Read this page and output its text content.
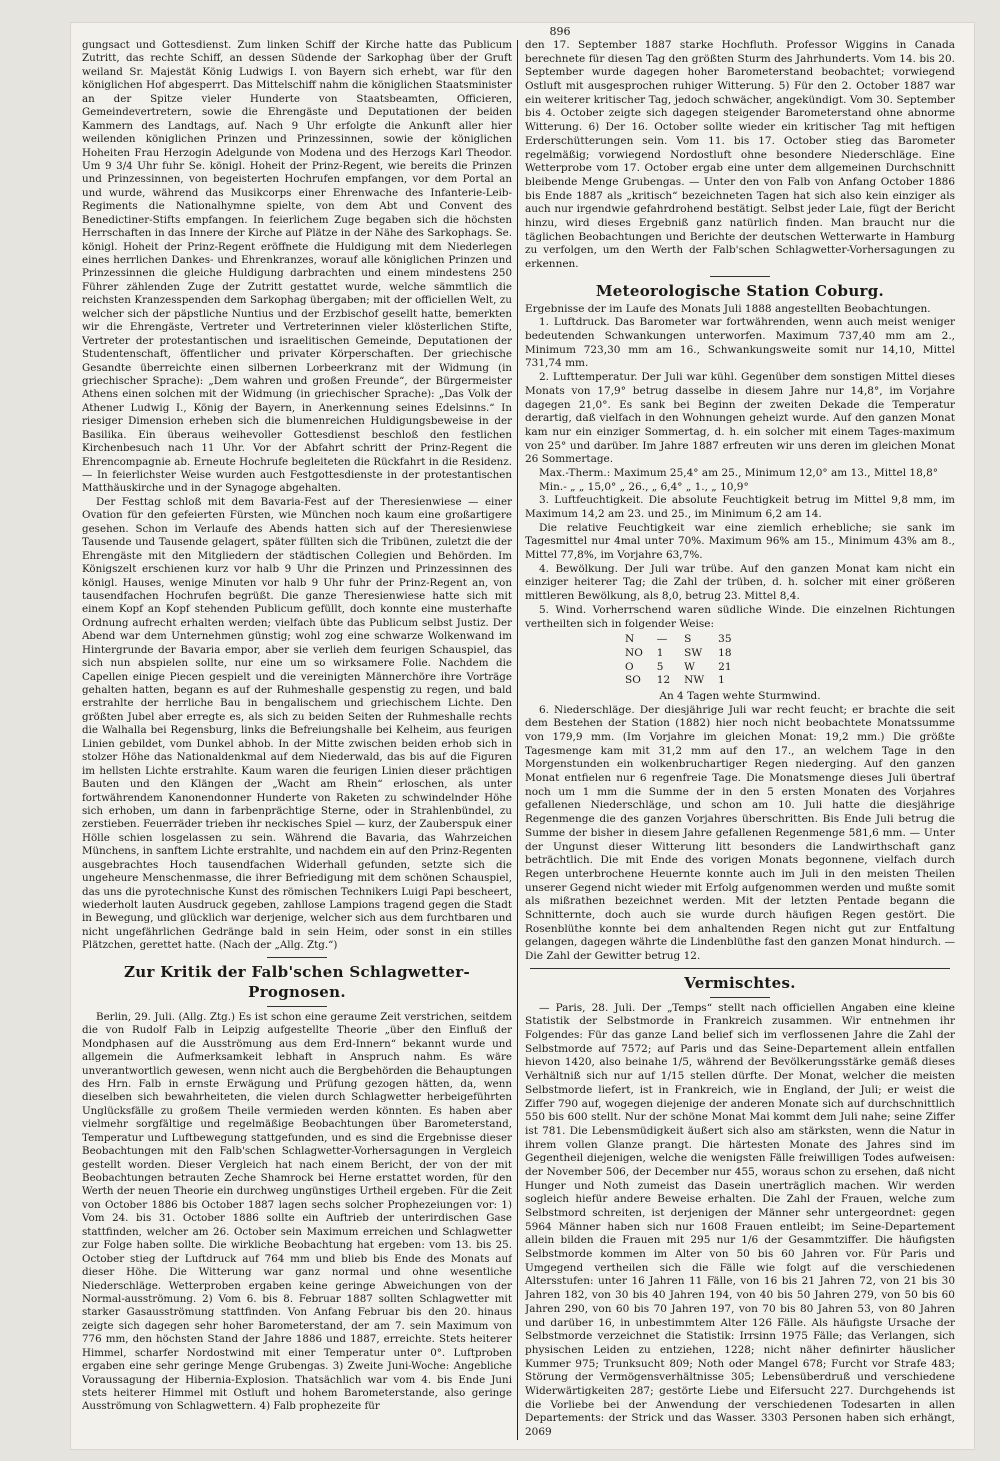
896

gungsact und Gottesdienst. Zum linken Schiff der Kirche hatte das Publicum Zutritt, das rechte Schiff, an dessen Südende der Sarkophag über der Gruft weiland Sr. Majestät König Ludwigs I. von Bayern sich erhebt, war für den königlichen Hof abgesperrt. Das Mittelschiff nahm die königlichen Staatsminister an der Spitze vieler Hunderte von Staatsbeamten, Officieren, Gemeindevertretern, sowie die Ehrengäste und Deputationen der beiden Kammern des Landtags, auf. Nach 9 Uhr erfolgte die Ankunft aller hier weilenden königlichen Prinzen und Prinzessinnen, sowie der königlichen Hoheiten Frau Herzogin Adelgunde von Modena und des Herzogs Karl Theodor. Um 9 3/4 Uhr fuhr Se. königl. Hoheit der Prinz-Regent, wie bereits die Prinzen und Prinzessinnen, von begeisterten Hochrufen empfangen, vor dem Portal an und wurde, während das Musikcorps einer Ehrenwache des Infanterie-Leib-Regiments die Nationalhymne spielte, von dem Abt und Convent des Benedictiner-Stifts empfangen. In feierlichem Zuge begaben sich die höchsten Herrschaften in das Innere der Kirche auf Plätze in der Nähe des Sarkophags. Se. königl. Hoheit der Prinz-Regent eröffnete die Huldigung mit dem Niederlegen eines herrlichen Dankes- und Ehrenkranzes, worauf alle königlichen Prinzen und Prinzessinnen die gleiche Huldigung darbrachten und einem mindestens 250 Führer zählenden Zuge der Zutritt gestattet wurde, welche sämmtlich die reichsten Kranzesspenden dem Sarkophag übergaben; mit der officiellen Welt, zu welcher sich der päpstliche Nuntius und der Erzbischof gesellt hatte, bemerkten wir die Ehrengäste, Vertreter und Vertreterinnen vieler klösterlichen Stifte, Vertreter der protestantischen und israelitischen Gemeinde, Deputationen der Studentenschaft, öffentlicher und privater Körperschaften. Der griechische Gesandte überreichte einen silbernen Lorbeerkranz mit der Widmung (in griechischer Sprache): „Dem wahren und großen Freunde“, der Bürgermeister Athens einen solchen mit der Widmung (in griechischer Sprache): „Das Volk der Athener Ludwig I., König der Bayern, in Anerkennung seines Edelsinns.“ In riesiger Dimension erheben sich die blumenreichen Huldigungsbeweise in der Basilika. Ein überaus weihevoller Gottesdienst beschloß den festlichen Kirchenbesuch nach 11 Uhr. Vor der Abfahrt schritt der Prinz-Regent die Ehrencompagnie ab. Erneute Hochrufe begleiteten die Rückfahrt in die Residenz. — In feierlichster Weise wurden auch Festgottesdienste in der protestantischen Matthäuskirche und in der Synagoge abgehalten.

Der Festtag schloß mit dem Bavaria-Fest auf der Theresienwiese — einer Ovation für den gefeierten Fürsten, wie München noch kaum eine großartigere gesehen. Schon im Verlaufe des Abends hatten sich auf der Theresienwiese Tausende und Tausende gelagert, später füllten sich die Tribünen, zuletzt die der Ehrengäste mit den Mitgliedern der städtischen Collegien und Behörden. Im Königszelt erschienen kurz vor halb 9 Uhr die Prinzen und Prinzessinnen des königl. Hauses, wenige Minuten vor halb 9 Uhr fuhr der Prinz-Regent an, von tausendfachen Hochrufen begrüßt. Die ganze Theresienwiese hatte sich mit einem Kopf an Kopf stehenden Publicum gefüllt, doch konnte eine musterhafte Ordnung aufrecht erhalten werden; vielfach übte das Publicum selbst Justiz. Der Abend war dem Unternehmen günstig; wohl zog eine schwarze Wolkenwand im Hintergrunde der Bavaria empor, aber sie verlieh dem feurigen Schauspiel, das sich nun abspielen sollte, nur eine um so wirksamere Folie. Nachdem die Capellen einige Piecen gespielt und die vereinigten Männerchöre ihre Vorträge gehalten hatten, begann es auf der Ruhmeshalle gespenstig zu regen, und bald erstrahlte der herrliche Bau in bengalischem und griechischem Lichte. Den größten Jubel aber erregte es, als sich zu beiden Seiten der Ruhmeshalle rechts die Walhalla bei Regensburg, links die Befreiungshalle bei Kelheim, aus feurigen Linien gebildet, vom Dunkel abhob. In der Mitte zwischen beiden erhob sich in stolzer Höhe das Nationaldenkmal auf dem Niederwald, das bis auf die Figuren im hellsten Lichte erstrahlte. Kaum waren die feurigen Linien dieser prächtigen Bauten und den Klängen der „Wacht am Rhein“ erloschen, als unter fortwährendem Kanonendonner Hunderte von Raketen zu schwindelnder Höhe sich erhoben, um dann in farbenprächtige Sterne, oder in Strahlenbündel, zu zerstieben. Feuerräder trieben ihr neckisches Spiel — kurz, der Zauberspuk einer Hölle schien losgelassen zu sein. Während die Bavaria, das Wahrzeichen Münchens, in sanftem Lichte erstrahlte, und nachdem ein auf den Prinz-Regenten ausgebrachtes Hoch tausendfachen Widerhall gefunden, setzte sich die ungeheure Menschenmasse, die ihrer Befriedigung mit dem schönen Schauspiel, das uns die pyrotechnische Kunst des römischen Technikers Luigi Papi bescheert, wiederholt lauten Ausdruck gegeben, zahllose Lampions tragend gegen die Stadt in Bewegung, und glücklich war derjenige, welcher sich aus dem furchtbaren und nicht ungefährlichen Gedränge bald in sein Heim, oder sonst in ein stilles Plätzchen, gerettet hatte. (Nach der „Allg. Ztg.“)

Zur Kritik der Falb'schen Schlagwetter-Prognosen.

Berlin, 29. Juli. (Allg. Ztg.) Es ist schon eine geraume Zeit verstrichen, seitdem die von Rudolf Falb in Leipzig aufgestellte Theorie „über den Einfluß der Mondphasen auf die Ausströmung aus dem Erd-Innern“ bekannt wurde und allgemein die Aufmerksamkeit lebhaft in Anspruch nahm. Es wäre unverantwortlich gewesen, wenn nicht auch die Bergbehörden die Behauptungen des Hrn. Falb in ernste Erwägung und Prüfung gezogen hätten, da, wenn dieselben sich bewahrheiteten, die vielen durch Schlagwetter herbeigeführten Unglücksfälle zu großem Theile vermieden werden könnten. Es haben aber vielmehr sorgfältige und regelmäßige Beobachtungen über Barometerstand, Temperatur und Luftbewegung stattgefunden, und es sind die Ergebnisse dieser Beobachtungen mit den Falb'schen Schlagwetter-Vorhersagungen in Vergleich gestellt worden. Dieser Vergleich hat nach einem Bericht, der von der mit Beobachtungen betrauten Zeche Shamrock bei Herne erstattet worden, für den Werth der neuen Theorie ein durchweg ungünstiges Urtheil ergeben. Für die Zeit von October 1886 bis October 1887 lagen sechs solcher Prophezeiungen vor: 1) Vom 24. bis 31. October 1886 sollte ein Auftrieb der unterirdischen Gase stattfinden, welcher am 26. October sein Maximum erreichen und Schlagwetter zur Folge haben sollte. Die wirkliche Beobachtung hat ergeben: vom 13. bis 25. October stieg der Luftdruck auf 764 mm und blieb bis Ende des Monats auf dieser Höhe. Die Witterung war ganz normal und ohne wesentliche Niederschläge. Wetterproben ergaben keine geringe Abweichungen von der Normal-ausströmung. 2) Vom 6. bis 8. Februar 1887 sollten Schlagwetter mit starker Gasausströmung stattfinden. Von Anfang Februar bis den 20. hinaus zeigte sich dagegen sehr hoher Barometerstand, der am 7. sein Maximum von 776 mm, den höchsten Stand der Jahre 1886 und 1887, erreichte. Stets heiterer Himmel, scharfer Nordostwind mit einer Temperatur unter 0°. Luftproben ergaben eine sehr geringe Menge Grubengas. 3) Zweite Juni-Woche: Angebliche Voraussagung der Hibernia-Explosion. Thatsächlich war vom 4. bis Ende Juni stets heiterer Himmel mit Ostluft und hohem Barometerstande, also geringe Ausströmung von Schlagwettern. 4) Falb prophezeite für

den 17. September 1887 starke Hochfluth. Professor Wiggins in Canada berechnete für diesen Tag den größten Sturm des Jahrhunderts. Vom 14. bis 20. September wurde dagegen hoher Barometerstand beobachtet; vorwiegend Ostluft mit ausgesprochen ruhiger Witterung. 5) Für den 2. October 1887 war ein weiterer kritischer Tag, jedoch schwächer, angekündigt. Vom 30. September bis 4. October zeigte sich dagegen steigender Barometerstand ohne abnorme Witterung. 6) Der 16. October sollte wieder ein kritischer Tag mit heftigen Erderschütterungen sein. Vom 11. bis 17. October stieg das Barometer regelmäßig; vorwiegend Nordostluft ohne besondere Niederschläge. Eine Wetterprobe vom 17. October ergab eine unter dem allgemeinen Durchschnitt bleibende Menge Grubengas. — Unter den von Falb von Anfang October 1886 bis Ende 1887 als „kritisch“ bezeichneten Tagen hat sich also kein einziger als auch nur irgendwie gefahrdrohend bestätigt. Selbst jeder Laie, fügt der Bericht hinzu, wird dieses Ergebniß ganz natürlich finden. Man braucht nur die täglichen Beobachtungen und Berichte der deutschen Wetterwarte in Hamburg zu verfolgen, um den Werth der Falb'schen Schlagwetter-Vorhersagungen zu erkennen.

Meteorologische Station Coburg.

Ergebnisse der im Laufe des Monats Juli 1888 angestellten Beobachtungen.

1. Luftdruck. Das Barometer war fortwährenden, wenn auch meist weniger bedeutenden Schwankungen unterworfen. Maximum 737,40 mm am 2., Minimum 723,30 mm am 16., Schwankungsweite somit nur 14,10, Mittel 731,74 mm.

2. Lufttemperatur. Der Juli war kühl. Gegenüber dem sonstigen Mittel dieses Monats von 17,9° betrug dasselbe in diesem Jahre nur 14,8°, im Vorjahre dagegen 21,0°. Es sank bei Beginn der zweiten Dekade die Temperatur derartig, daß vielfach in den Wohnungen geheizt wurde. Auf den ganzen Monat kam nur ein einziger Sommertag, d. h. ein solcher mit einem Tages-maximum von 25° und darüber. Im Jahre 1887 erfreuten wir uns deren im gleichen Monat 26 Sommertage.

Max.-Therm.: Maximum 25,4° am 25., Minimum 12,0° am 13., Mittel 18,8°

Min.- „ „ 15,0° „ 26., „ 6,4° „ 1., „ 10,9°

3. Luftfeuchtigkeit. Die absolute Feuchtigkeit betrug im Mittel 9,8 mm, im Maximum 14,2 am 23. und 25., im Minimum 6,2 am 14.

Die relative Feuchtigkeit war eine ziemlich erhebliche; sie sank im Tagesmittel nur 4mal unter 70%. Maximum 96% am 15., Minimum 43% am 8., Mittel 77,8%, im Vorjahre 63,7%.

4. Bewölkung. Der Juli war trübe. Auf den ganzen Monat kam nicht ein einziger heiterer Tag; die Zahl der trüben, d. h. solcher mit einer größeren mittleren Bewölkung, als 8,0, betrug 23. Mittel 8,4.

5. Wind. Vorherrschend waren südliche Winde. Die einzelnen Richtungen vertheilten sich in folgender Weise:

N	—	S	35
NO	1	SW	18
O	5	W	21
SO	12	NW	1
An 4 Tagen wehte Sturmwind.

6. Niederschläge. Der diesjährige Juli war recht feucht; er brachte die seit dem Bestehen der Station (1882) hier noch nicht beobachtete Monatssumme von 179,9 mm. (Im Vorjahre im gleichen Monat: 19,2 mm.) Die größte Tagesmenge kam mit 31,2 mm auf den 17., an welchem Tage in den Morgenstunden ein wolkenbruchartiger Regen niederging. Auf den ganzen Monat entfielen nur 6 regenfreie Tage. Die Monatsmenge dieses Juli übertraf noch um 1 mm die Summe der in den 5 ersten Monaten des Vorjahres gefallenen Niederschläge, und schon am 10. Juli hatte die diesjährige Regenmenge die des ganzen Vorjahres überschritten. Bis Ende Juli betrug die Summe der bisher in diesem Jahre gefallenen Regenmenge 581,6 mm. — Unter der Ungunst dieser Witterung litt besonders die Landwirthschaft ganz beträchtlich. Die mit Ende des vorigen Monats begonnene, vielfach durch Regen unterbrochene Heuernte konnte auch im Juli in den meisten Theilen unserer Gegend nicht wieder mit Erfolg aufgenommen werden und mußte somit als mißrathen bezeichnet werden. Mit der letzten Pentade begann die Schnitternte, doch auch sie wurde durch häufigen Regen gestört. Die Rosenblüthe konnte bei dem anhaltenden Regen nicht gut zur Entfaltung gelangen, dagegen währte die Lindenblüthe fast den ganzen Monat hindurch. — Die Zahl der Gewitter betrug 12.

Vermischtes.

— Paris, 28. Juli. Der „Temps“ stellt nach officiellen Angaben eine kleine Statistik der Selbstmorde in Frankreich zusammen. Wir entnehmen ihr Folgendes: Für das ganze Land belief sich im verflossenen Jahre die Zahl der Selbstmorde auf 7572; auf Paris und das Seine-Departement allein entfallen hievon 1420, also beinahe 1/5, während der Bevölkerungsstärke gemäß dieses Verhältniß sich nur auf 1/15 stellen dürfte. Der Monat, welcher die meisten Selbstmorde liefert, ist in Frankreich, wie in England, der Juli; er weist die Ziffer 790 auf, wogegen diejenige der anderen Monate sich auf durchschnittlich 550 bis 600 stellt. Nur der schöne Monat Mai kommt dem Juli nahe; seine Ziffer ist 781. Die Lebensmüdigkeit äußert sich also am stärksten, wenn die Natur in ihrem vollen Glanze prangt. Die härtesten Monate des Jahres sind im Gegentheil diejenigen, welche die wenigsten Fälle freiwilligen Todes aufweisen: der November 506, der December nur 455, woraus schon zu ersehen, daß nicht Hunger und Noth zumeist das Dasein unerträglich machen. Wir werden sogleich hiefür andere Beweise erhalten. Die Zahl der Frauen, welche zum Selbstmord schreiten, ist derjenigen der Männer sehr untergeordnet: gegen 5964 Männer haben sich nur 1608 Frauen entleibt; im Seine-Departement allein bilden die Frauen mit 295 nur 1/6 der Gesammtziffer. Die häufigsten Selbstmorde kommen im Alter von 50 bis 60 Jahren vor. Für Paris und Umgegend vertheilen sich die Fälle wie folgt auf die verschiedenen Altersstufen: unter 16 Jahren 11 Fälle, von 16 bis 21 Jahren 72, von 21 bis 30 Jahren 182, von 30 bis 40 Jahren 194, von 40 bis 50 Jahren 279, von 50 bis 60 Jahren 290, von 60 bis 70 Jahren 197, von 70 bis 80 Jahren 53, von 80 Jahren und darüber 16, in unbestimmtem Alter 126 Fälle. Als häufigste Ursache der Selbstmorde verzeichnet die Statistik: Irrsinn 1975 Fälle; das Verlangen, sich physischen Leiden zu entziehen, 1228; nicht näher definirter häuslicher Kummer 975; Trunksucht 809; Noth oder Mangel 678; Furcht vor Strafe 483; Störung der Vermögensverhältnisse 305; Lebensüberdruß und verschiedene Widerwärtigkeiten 287; gestörte Liebe und Eifersucht 227. Durchgehends ist die Vorliebe bei der Anwendung der verschiedenen Todesarten in allen Departements: der Strick und das Wasser. 3303 Personen haben sich erhängt, 2069
